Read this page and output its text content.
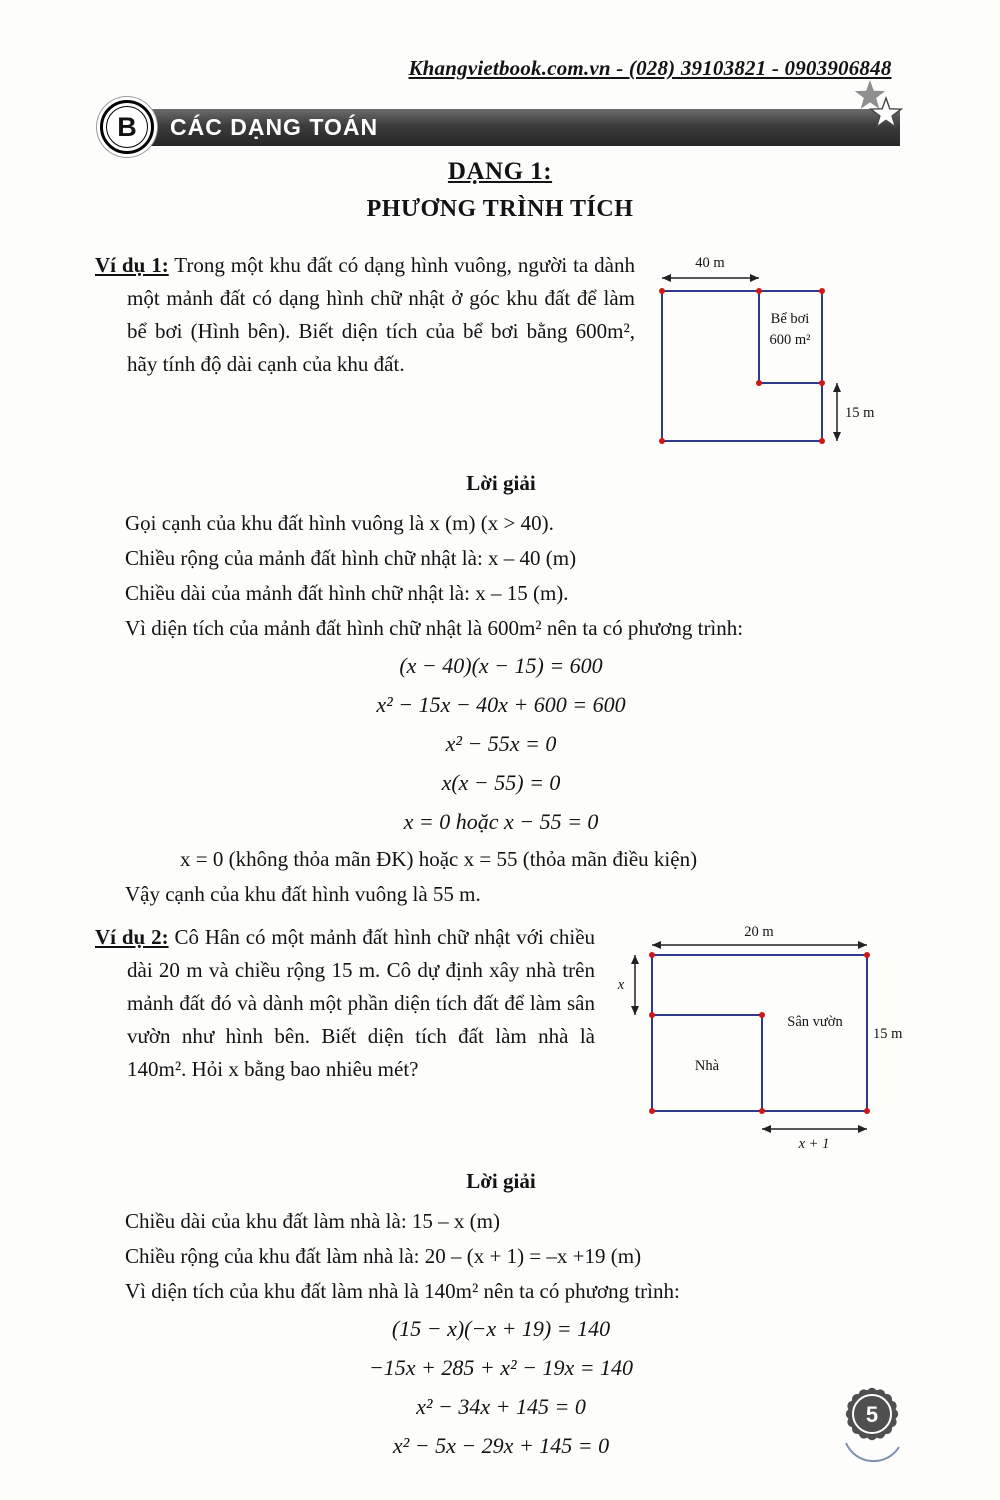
Khangvietbook.com.vn - (028) 39103821 - 0903906848
B	CÁC DẠNG TOÁN
DẠNG 1:
PHƯƠNG TRÌNH TÍCH
40 m
Bể bơi
600 m²
15 m

Ví dụ 1: Trong một khu đất có dạng hình vuông, người ta dành một mảnh đất có dạng hình chữ nhật ở góc khu đất để làm bể bơi (Hình bên). Biết diện tích của bể bơi bằng 600m², hãy tính độ dài cạnh của khu đất.

Lời giải

Gọi cạnh của khu đất hình vuông là x (m) (x > 40).

Chiều rộng của mảnh đất hình chữ nhật là: x – 40 (m)

Chiều dài của mảnh đất hình chữ nhật là: x – 15 (m).

Vì diện tích của mảnh đất hình chữ nhật là 600m² nên ta có phương trình:

(x − 40)(x − 15) = 600
x² − 15x − 40x + 600 = 600
x² − 55x = 0
x(x − 55) = 0
x = 0 hoặc x − 55 = 0

x = 0 (không thỏa mãn ĐK) hoặc x = 55 (thỏa mãn điều kiện)

Vậy cạnh của khu đất hình vuông là 55 m.

20 m
x
Sân vườn
15 m
Nhà
x + 1

Ví dụ 2: Cô Hân có một mảnh đất hình chữ nhật với chiều dài 20 m và chiều rộng 15 m. Cô dự định xây nhà trên mảnh đất đó và dành một phần diện tích đất để làm sân vườn như hình bên. Biết diện tích đất làm nhà là 140m². Hỏi x bằng bao nhiêu mét?

Lời giải

Chiều dài của khu đất làm nhà là: 15 – x (m)

Chiều rộng của khu đất làm nhà là: 20 – (x + 1) = –x +19 (m)

Vì diện tích của khu đất làm nhà là 140m² nên ta có phương trình:

(15 − x)(−x + 19) = 140
−15x + 285 + x² − 19x = 140
x² − 34x + 145 = 0
x² − 5x − 29x + 145 = 0
5
